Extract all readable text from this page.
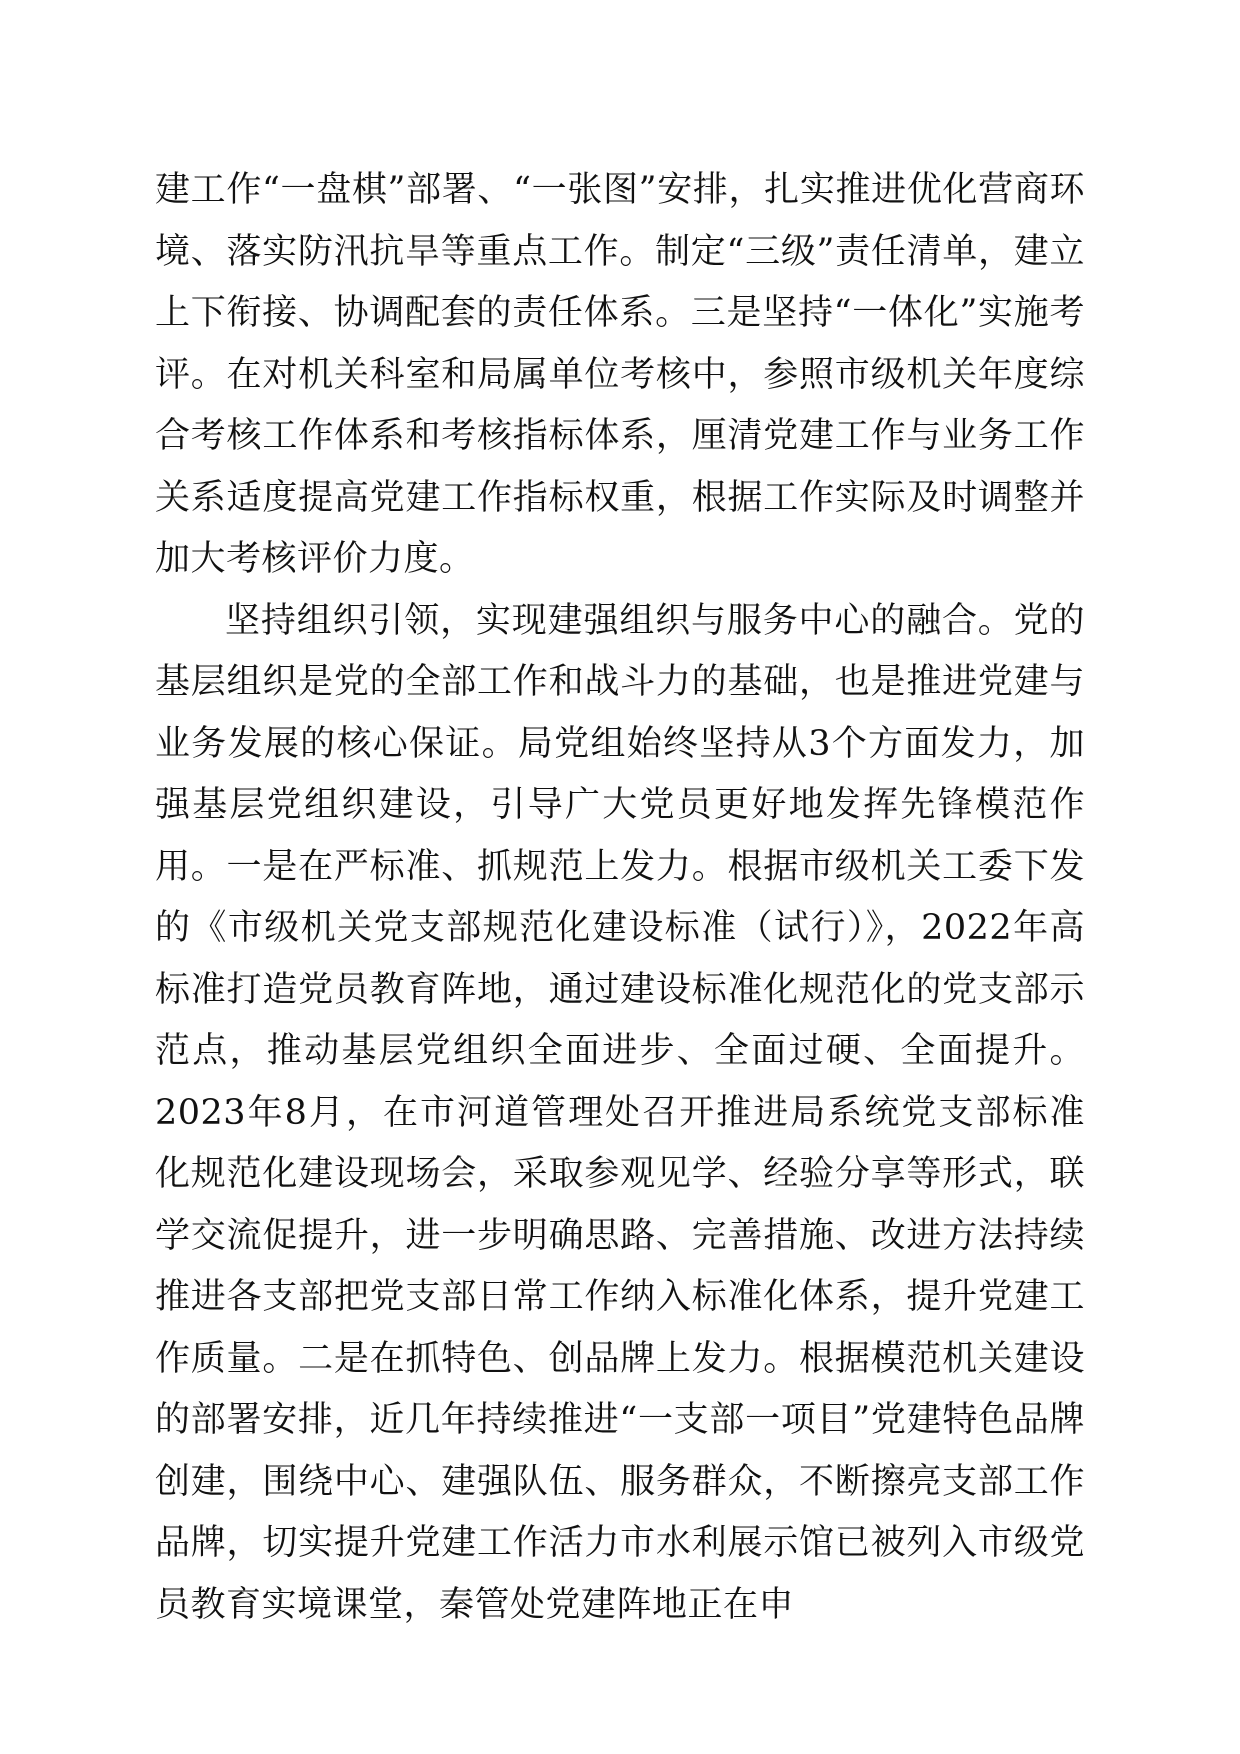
建工作“一盘棋”部署、“一张图”安排，扎实推进优化营商环境、落实防汛抗旱等重点工作。制定“三级”责任清单，建立上下衔接、协调配套的责任体系。三是坚持“一体化”实施考评。在对机关科室和局属单位考核中，参照市级机关年度综合考核工作体系和考核指标体系，厘清党建工作与业务工作关系适度提高党建工作指标权重，根据工作实际及时调整并加大考核评价力度。

坚持组织引领，实现建强组织与服务中心的融合。党的基层组织是党的全部工作和战斗力的基础，也是推进党建与业务发展的核心保证。局党组始终坚持从3个方面发力，加强基层党组织建设，引导广大党员更好地发挥先锋模范作用。一是在严标准、抓规范上发力。根据市级机关工委下发的《市级机关党支部规范化建设标准（试行）》，2022年高标准打造党员教育阵地，通过建设标准化规范化的党支部示范点，推动基层党组织全面进步、全面过硬、全面提升。2023年8月，在市河道管理处召开推进局系统党支部标准化规范化建设现场会，采取参观见学、经验分享等形式，联学交流促提升，进一步明确思路、完善措施、改进方法持续推进各支部把党支部日常工作纳入标准化体系，提升党建工作质量。二是在抓特色、创品牌上发力。根据模范机关建设的部署安排，近几年持续推进“一支部一项目”党建特色品牌创建，围绕中心、建强队伍、服务群众，不断擦亮支部工作品牌，切实提升党建工作活力市水利展示馆已被列入市级党员教育实境课堂，秦管处党建阵地正在申
